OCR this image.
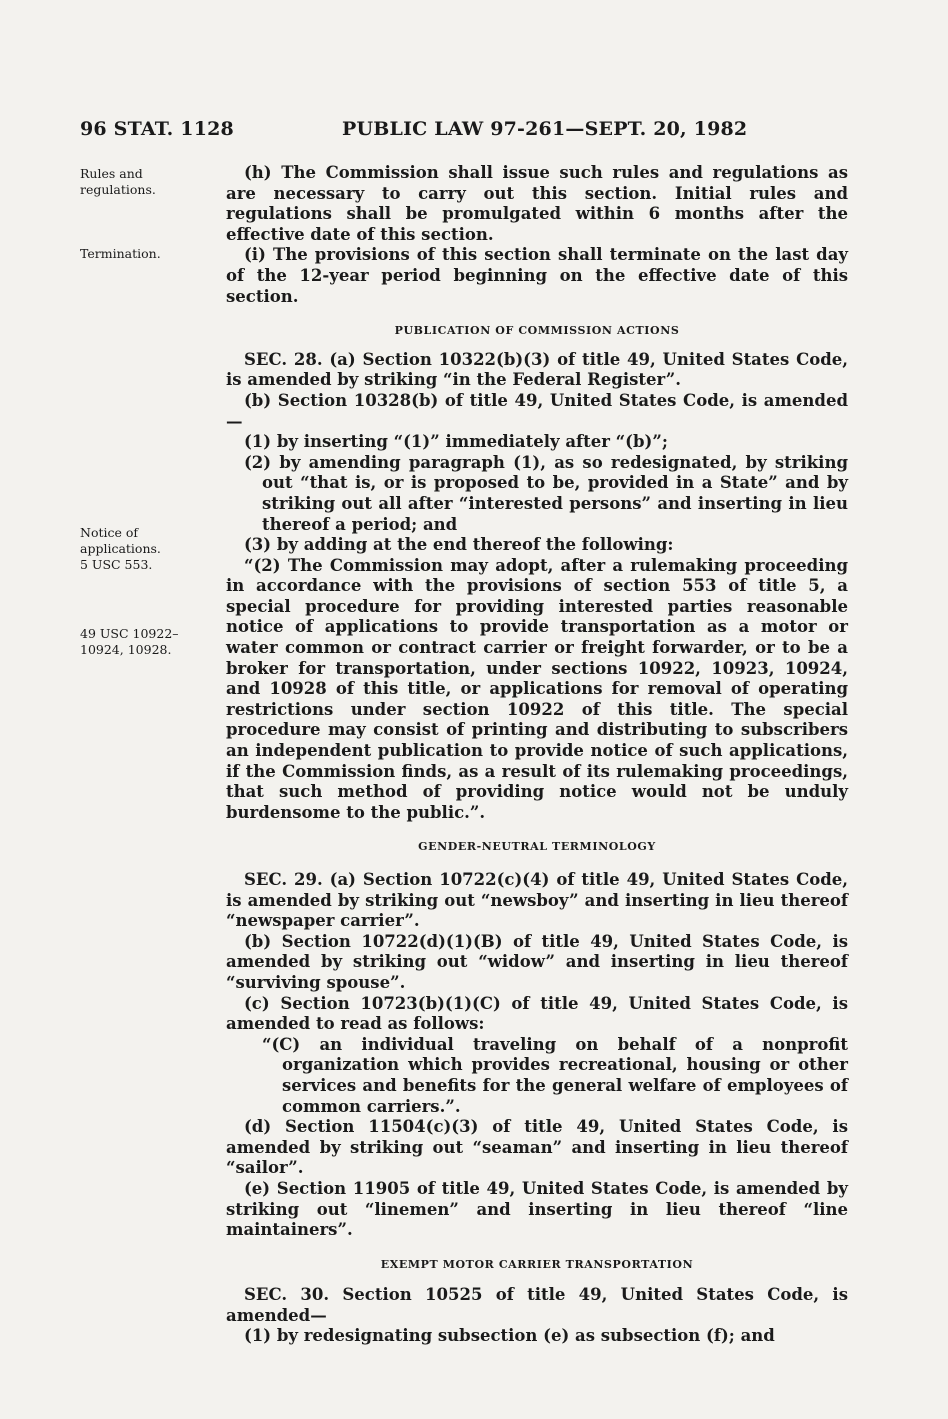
96 STAT. 1128	PUBLIC LAW 97-261—SEPT. 20, 1982
Rules and regulations.
Termination.
Notice of applications.
5 USC 553.
49 USC 10922–10924, 10928.

(h) The Commission shall issue such rules and regulations as are necessary to carry out this section. Initial rules and regulations shall be promulgated within 6 months after the effective date of this section.

(i) The provisions of this section shall terminate on the last day of the 12-year period beginning on the effective date of this section.

PUBLICATION OF COMMISSION ACTIONS

SEC. 28. (a) Section 10322(b)(3) of title 49, United States Code, is amended by striking “in the Federal Register”.

(b) Section 10328(b) of title 49, United States Code, is amended—

(1) by inserting “(1)” immediately after “(b)”;

(2) by amending paragraph (1), as so redesignated, by striking out “that is, or is proposed to be, provided in a State” and by striking out all after “interested persons” and inserting in lieu thereof a period; and

(3) by adding at the end thereof the following:

“(2) The Commission may adopt, after a rulemaking proceeding in accordance with the provisions of section 553 of title 5, a special procedure for providing interested parties reasonable notice of applications to provide transportation as a motor or water common or contract carrier or freight forwarder, or to be a broker for transportation, under sections 10922, 10923, 10924, and 10928 of this title, or applications for removal of operating restrictions under section 10922 of this title. The special procedure may consist of printing and distributing to subscribers an independent publication to provide notice of such applications, if the Commission finds, as a result of its rulemaking proceedings, that such method of providing notice would not be unduly burdensome to the public.”.

GENDER-NEUTRAL TERMINOLOGY

SEC. 29. (a) Section 10722(c)(4) of title 49, United States Code, is amended by striking out “newsboy” and inserting in lieu thereof “newspaper carrier”.

(b) Section 10722(d)(1)(B) of title 49, United States Code, is amended by striking out “widow” and inserting in lieu thereof “surviving spouse”.

(c) Section 10723(b)(1)(C) of title 49, United States Code, is amended to read as follows:

“(C) an individual traveling on behalf of a nonprofit organization which provides recreational, housing or other services and benefits for the general welfare of employees of common carriers.”.

(d) Section 11504(c)(3) of title 49, United States Code, is amended by striking out “seaman” and inserting in lieu thereof “sailor”.

(e) Section 11905 of title 49, United States Code, is amended by striking out “linemen” and inserting in lieu thereof “line maintainers”.

EXEMPT MOTOR CARRIER TRANSPORTATION

SEC. 30. Section 10525 of title 49, United States Code, is amended—

(1) by redesignating subsection (e) as subsection (f); and
